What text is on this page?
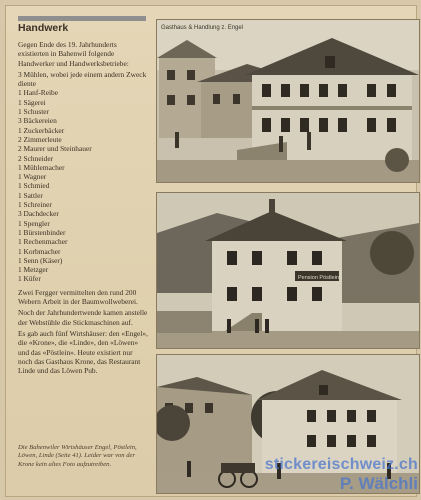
Handwerk

Gegen Ende des 19. Jahrhunderts existierten in Bahenwil folgende Handwerker und Handwerksbetriebe:

3 Mühlen, wobei jede einem andern Zweck diente
1 Hanf-Reibe
1 Sägerei
1 Schuster
3 Bäckereien
1 Zuckerbäcker
2 Zimmerleute
2 Maurer und Steinhauer
2 Schneider
1 Mühlemacher
1 Wagner
1 Schmied
1 Sattler
1 Schreiner
3 Dachdecker
1 Spengler
1 Bürstenbinder
1 Rechenmacher
1 Korbmacher
1 Senn (Käser)
1 Metzger
1 Küfer

Zwei Fergger vermittelten den rund 200 Webern Arbeit in der Baumwollweberei.

Noch der Jahrhundertwende kamen anstelle der Webstühle die Stickmaschinen auf.

Es gab auch fünf Wirtshäuser: den «Engel», die «Krone», die «Linde», den «Löwen» und das «Pöstlein». Heute existiert nur noch das Gasthaus Krone, das Restaurant Linde und das Löwen Pub.

Die Bahenwiler Wirtshäuser Engel, Pöstlein, Löwen, Linde (Seite 41). Leider war von der Krone kein altes Foto aufzutreiben.
Gasthaus & Handlung z. Engel
Pension Pöstlein
stickereischweiz.ch
P. Wälchli
